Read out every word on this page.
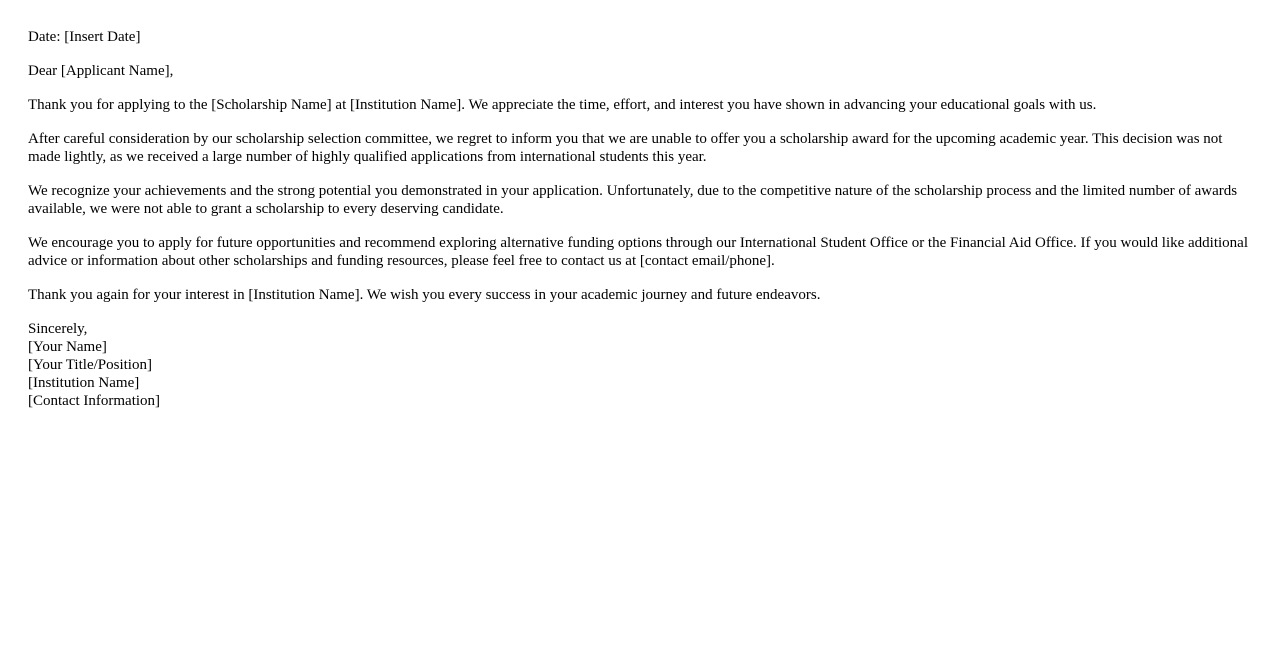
Date: [Insert Date]

Dear [Applicant Name],

Thank you for applying to the [Scholarship Name] at [Institution Name]. We appreciate the time, effort, and interest you have shown in advancing your educational goals with us.

After careful consideration by our scholarship selection committee, we regret to inform you that we are unable to offer you a scholarship award for the upcoming academic year. This decision was not made lightly, as we received a large number of highly qualified applications from international students this year.

We recognize your achievements and the strong potential you demonstrated in your application. Unfortunately, due to the competitive nature of the scholarship process and the limited number of awards available, we were not able to grant a scholarship to every deserving candidate.

We encourage you to apply for future opportunities and recommend exploring alternative funding options through our International Student Office or the Financial Aid Office. If you would like additional advice or information about other scholarships and funding resources, please feel free to contact us at [contact email/phone].

Thank you again for your interest in [Institution Name]. We wish you every success in your academic journey and future endeavors.

Sincerely,
[Your Name]
[Your Title/Position]
[Institution Name]
[Contact Information]
